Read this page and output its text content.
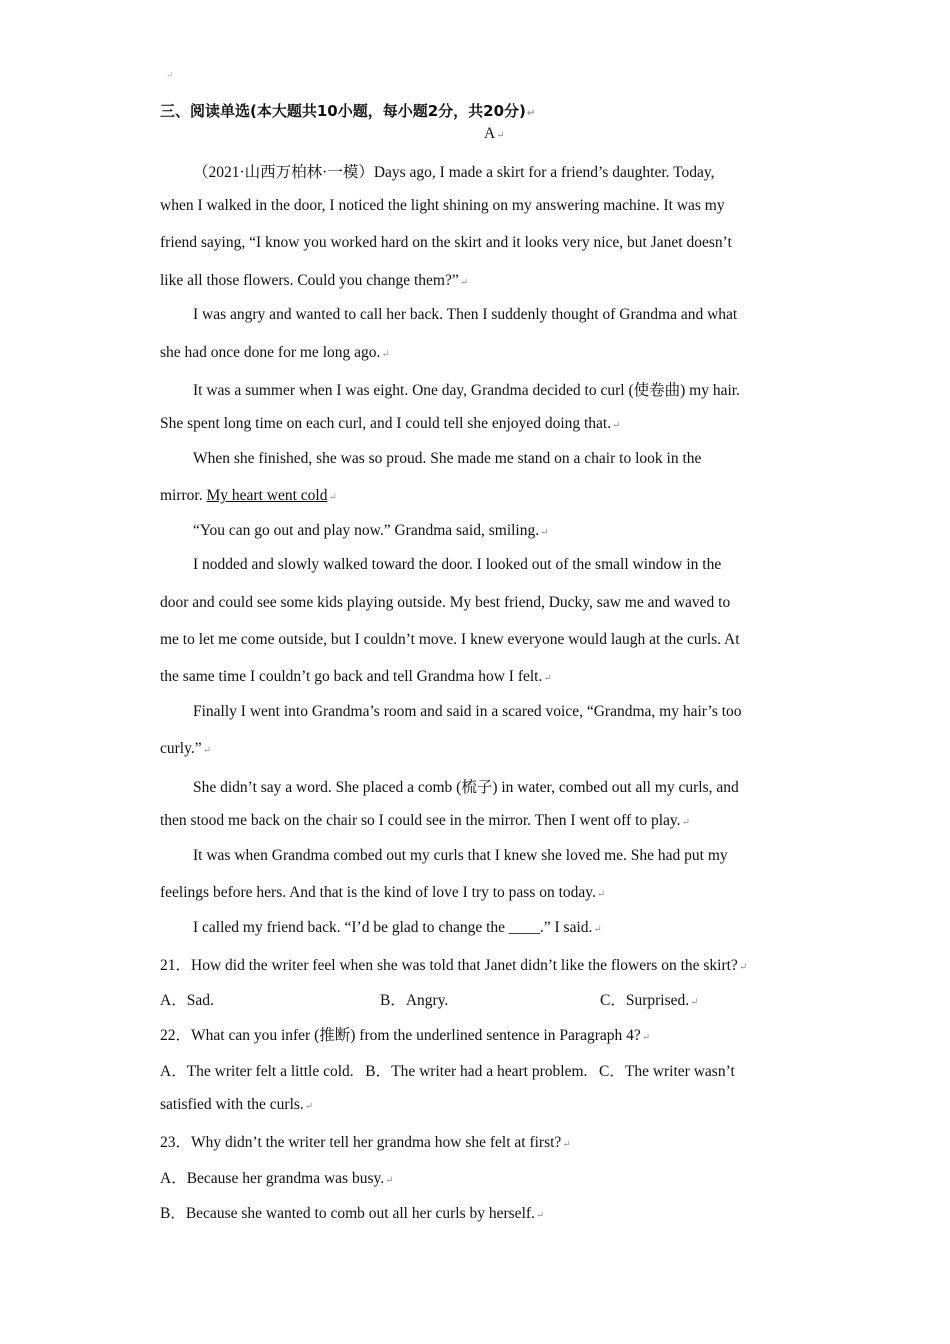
↵
三、阅读单选(本大题共10小题，每小题2分，共20分)↵
A↵
（2021·山西万柏林·一模）Days ago, I made a skirt for a friend’s daughter. Today,
when I walked in the door, I noticed the light shining on my answering machine. It was my
friend saying, “I know you worked hard on the skirt and it looks very nice, but Janet doesn’t
like all those flowers. Could you change them?”↵
I was angry and wanted to call her back. Then I suddenly thought of Grandma and what
she had once done for me long ago.↵
It was a summer when I was eight. One day, Grandma decided to curl (使卷曲) my hair.
She spent long time on each curl, and I could tell she enjoyed doing that.↵
When she finished, she was so proud. She made me stand on a chair to look in the
mirror. My heart went cold↵
“You can go out and play now.” Grandma said, smiling.↵
I nodded and slowly walked toward the door. I looked out of the small window in the
door and could see some kids playing outside. My best friend, Ducky, saw me and waved to
me to let me come outside, but I couldn’t move. I knew everyone would laugh at the curls. At
the same time I couldn’t go back and tell Grandma how I felt.↵
Finally I went into Grandma’s room and said in a scared voice, “Grandma, my hair’s too
curly.”↵
She didn’t say a word. She placed a comb (梳子) in water, combed out all my curls, and
then stood me back on the chair so I could see in the mirror. Then I went off to play.↵
It was when Grandma combed out my curls that I knew she loved me. She had put my
feelings before hers. And that is the kind of love I try to pass on today.↵
I called my friend back. “I’d be glad to change the ____.” I said.↵
21．How did the writer feel when she was told that Janet didn’t like the flowers on the skirt?↵
A．Sad.	B．Angry.	C．Surprised.↵
22．What can you infer (推断) from the underlined sentence in Paragraph 4?↵
A．The writer felt a little cold.   B．The writer had a heart problem.   C．The writer wasn’t
satisfied with the curls.↵
23．Why didn’t the writer tell her grandma how she felt at first?↵
A．Because her grandma was busy.↵
B．Because she wanted to comb out all her curls by herself.↵
